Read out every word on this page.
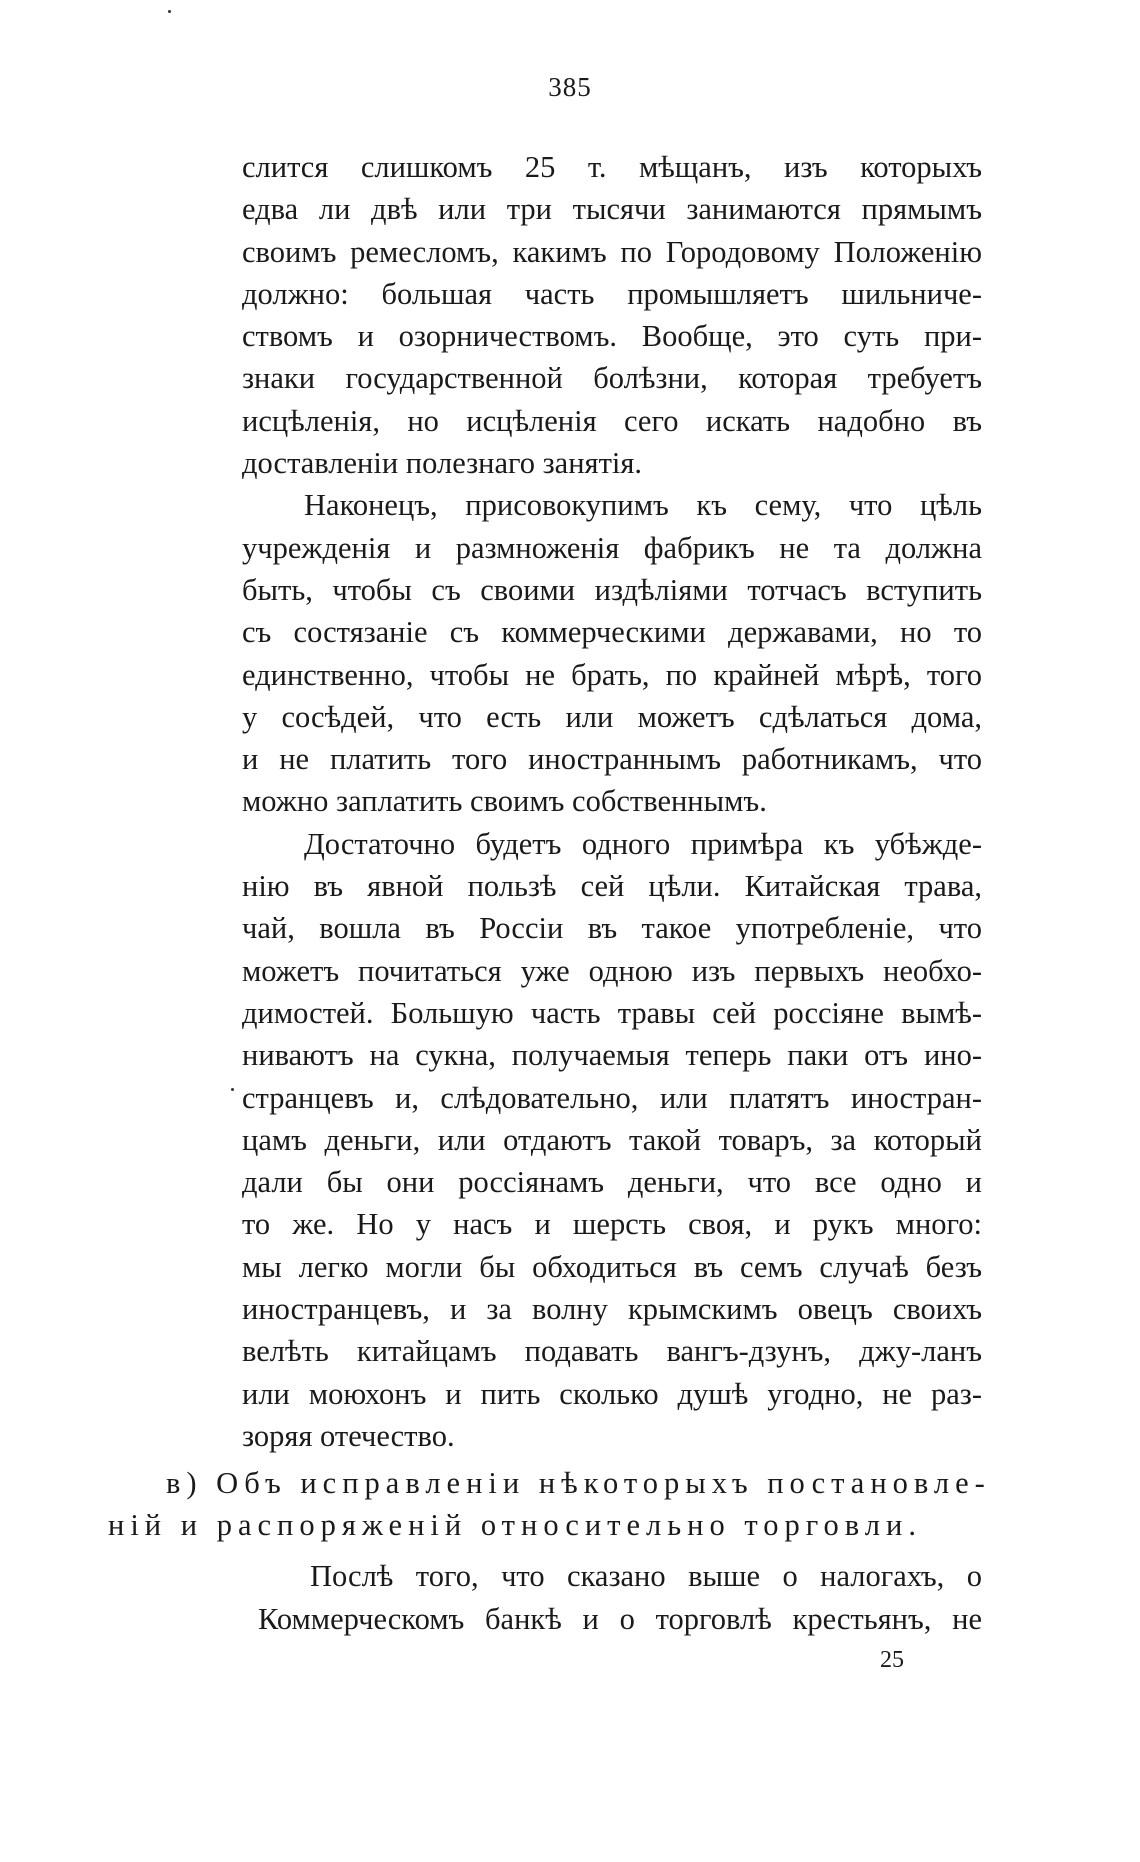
385
слится слишкомъ 25 т. мѣщанъ, изъ которыхъ
едва ли двѣ или три тысячи занимаются прямымъ
своимъ ремесломъ, какимъ по Городовому Положенію
должно: большая часть промышляетъ шильниче-
ствомъ и озорничествомъ. Вообще, это суть при-
знаки государственной болѣзни, которая требуетъ
исцѣленія, но исцѣленія сего искать надобно въ
доставленіи полезнаго занятія.
Наконецъ, присовокупимъ къ сему, что цѣль
учрежденія и размноженія фабрикъ не та должна
быть, чтобы съ своими издѣліями тотчасъ вступить
съ состязаніе съ коммерческими державами, но то
единственно, чтобы не брать, по крайней мѣрѣ, того
у сосѣдей, что есть или можетъ сдѣлаться дома,
и не платить того иностраннымъ работникамъ, что
можно заплатить своимъ собственнымъ.
Достаточно будетъ одного примѣра къ убѣжде-
нію въ явной пользѣ сей цѣли. Китайская трава,
чай, вошла въ Россіи въ такое употребленіе, что
можетъ почитаться уже одною изъ первыхъ необхо-
димостей. Большую часть травы сей россіяне вымѣ-
ниваютъ на сукна, получаемыя теперь паки отъ ино-
странцевъ и, слѣдовательно, или платятъ иностран-
цамъ деньги, или отдаютъ такой товаръ, за который
дали бы они россіянамъ деньги, что все одно и
то же. Но у насъ и шерсть своя, и рукъ много:
мы легко могли бы обходиться въ семъ случаѣ безъ
иностранцевъ, и за волну крымскимъ овецъ своихъ
велѣть китайцамъ подавать вангъ-дзунъ, джу-ланъ
или моюхонъ и пить сколько душѣ угодно, не раз-
зоряя отечество.
в) Объ исправленіи нѣкоторыхъ постановле-
ній и распоряженій относительно торговли.
Послѣ того, что сказано выше о налогахъ, о
Коммерческомъ банкѣ и о торговлѣ крестьянъ, не
25
